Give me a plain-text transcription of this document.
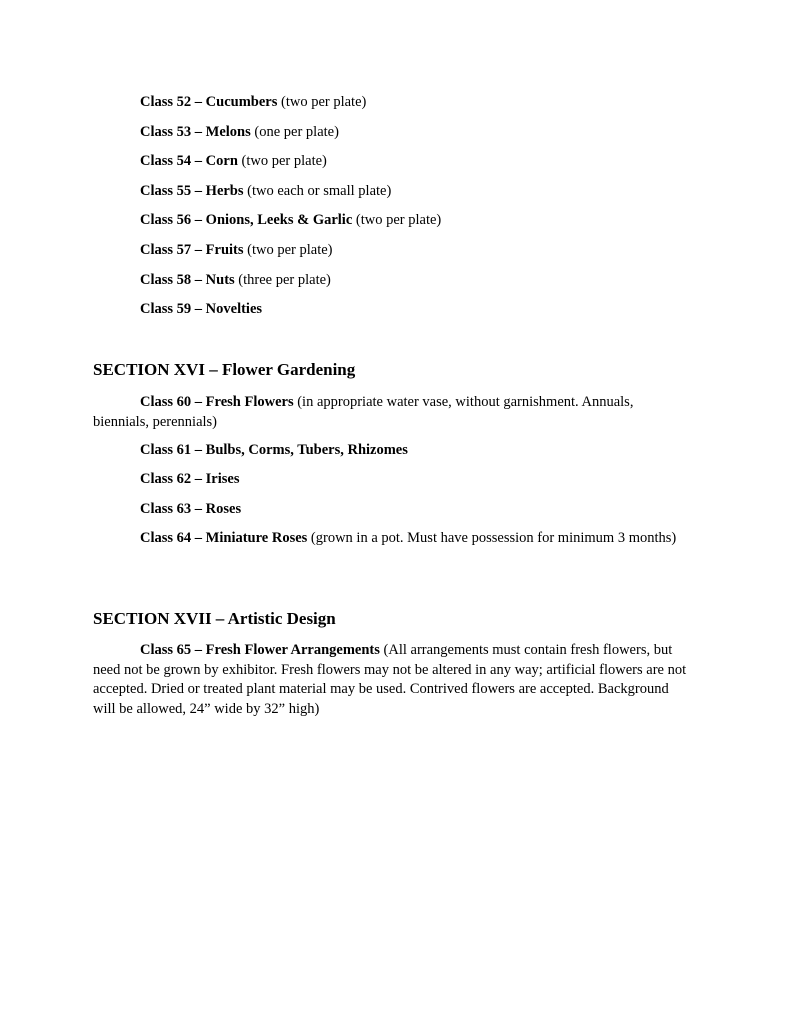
Class 52 – Cucumbers (two per plate)
Class 53 – Melons (one per plate)
Class 54 – Corn (two per plate)
Class 55 – Herbs (two each or small plate)
Class 56 – Onions, Leeks & Garlic (two per plate)
Class 57 – Fruits (two per plate)
Class 58 – Nuts (three per plate)
Class 59 – Novelties
SECTION XVI – Flower Gardening

Class 60 – Fresh Flowers (in appropriate water vase, without garnishment. Annuals, biennials, perennials)

Class 61 – Bulbs, Corms, Tubers, Rhizomes
Class 62 – Irises
Class 63 – Roses

Class 64 – Miniature Roses (grown in a pot. Must have possession for minimum 3 months)

SECTION XVII – Artistic Design

Class 65 – Fresh Flower Arrangements (All arrangements must contain fresh flowers, but need not be grown by exhibitor. Fresh flowers may not be altered in any way; artificial flowers are not accepted. Dried or treated plant material may be used. Contrived flowers are accepted. Background will be allowed, 24” wide by 32” high)
